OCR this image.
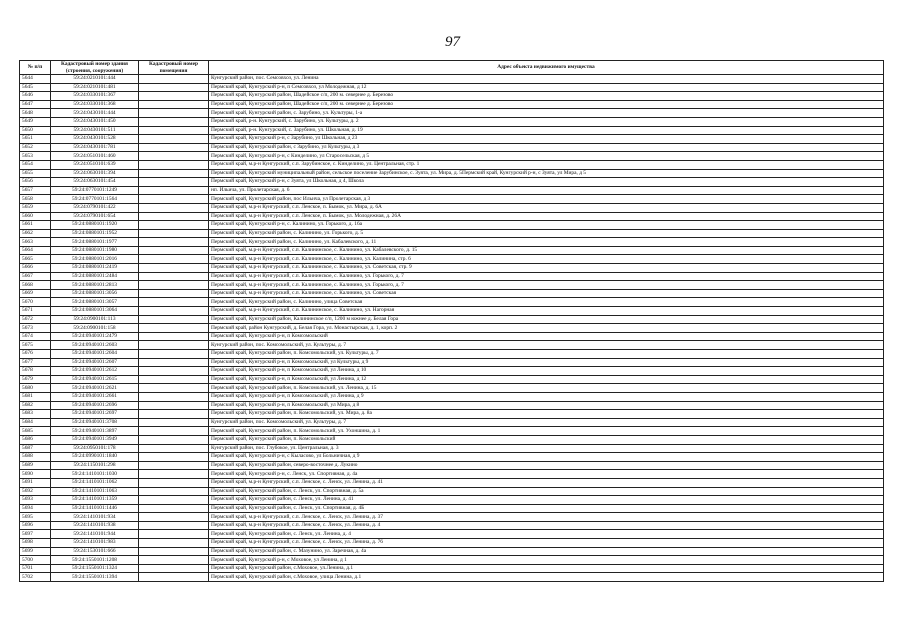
97
№ п/п	Кадастровый номер здания (строения, сооружения)	Кадастровый номер помещения	Адрес объекта недвижимого имущества
5644	59:24:0210101:444		Кунгурский район, пос. Семсовхоз, ул. Ленина
5645	59:24:0210101:481		Пермский край, Кунгурский р-н, п Семсовхоз, ул Молодежная, д 12
5646	59:24:0330101:367		Пермский край, Кунгурский район, Шадейское с/п, 200 м. севернее д. Березово
5647	59:24:0330101:368		Пермский край, Кунгурский район, Шадейское с/п, 200 м. севернее д. Березово
5648	59:24:0430101:444		Пермский край, Кунгурский район, с. Зарубино, ул. Культуры, 1-а
5649	59:24:0430101:450		Пермский край, р-н. Кунгурский, с. Зарубино, ул. Культуры, д. 2
5650	59:24:0430101:511		Пермский край, р-н. Кунгурский, с. Зарубино, ул. Школьная, д. 19
5651	59:24:0430101:528		Пермский край, Кунгурский р-н, с Зарубино, ул Школьная, д 23
5652	59:24:0430101:781		Пермский край, Кунгурский район, с Зарубино, ул Культуры, д 3
5653	59:24:0510101:460		Пермский край, Кунгурский р-н, с Кинделино, ул Старосельская, д 5
5654	59:24:0510101:639		Пермский край, м.р-н Кунгурский, с.п. Зарубинское, с. Кинделино, ул. Центральная, стр. 1
5655	59:24:0630101:394		Пермский край, Кунгурский муниципальный район, сельское поселение Зарубинское, с. Зуята, ул. Мира, д. 5Пермский край, Кунгурский р-н, с Зуята, ул Мира, д 5
5656	59:24:0630101:454		Пермский край, Кунгурский р-н, с Зуята, ул Школьная, д 4, Школа
5657	59:24:0770101:1249		нп. Ильича, ул. Пролетарская, д. 6
5658	59:24:0770101:1564		Пермский край, Кунгурский район, пос Ильича, ул Пролетарская, д 3
5659	59:24:0790101:422		Пермский край, м.р-н Кунгурский, с.п. Ленское, п. Бымок, ул. Мира, д. 6А
5660	59:24:0790101:654		Пермский край, м.р-н Кунгурский, с.п. Ленское, п. Бымок, ул. Молодежная, д. 26А
5661	59:24:0880101:1920		Пермский край, Кунгурский р-н, с. Калинино, ул. Горького, д. 16а
5662	59:24:0880101:1952		Пермский край, Кунгурский район, с. Калинино, ул. Горького, д. 5
5663	59:24:0880101:1977		Пермский край, Кунгурский район, с. Калинино, ул. Кабалевского, д. 11
5664	59:24:0880101:1980		Пермский край, м.р-н Кунгурский, с.п. Калининское, с. Калинино, ул. Кабалевского, д. 15
5665	59:24:0880101:2016		Пермский край, м.р-н Кунгурский, с.п. Калининское, с. Калинино, ул. Калинина, стр. 6
5666	59:24:0880101:2419		Пермский край, м.р-н Кунгурский, с.п. Калининское, с. Калинино, ул. Советская, стр. 9
5667	59:24:0880101:2484		Пермский край, м.р-н Кунгурский, с.п. Калининское, с. Калинино, ул. Горького, д. 7
5668	59:24:0880101:2813		Пермский край, м.р-н Кунгурский, с.п. Калининское, с. Калинино, ул. Горького, д. 7
5669	59:24:0880101:3056		Пермский край, м.р-н Кунгурский, с.п. Калининское, с. Калинино, ул. Советская
5670	59:24:0880101:3057		Пермский край, Кунгурский район, с. Калинино, улица Советская
5671	59:24:0880101:3064		Пермский край, м.р-н Кунгурский, с.п. Калининское, с. Калинино, ул. Нагорная
5672	59:24:0900101:113		Пермский край, Кунгурский район, Калининское с/п, 1200 м южнее д. Белая Гора
5673	59:24:0900101:158		Пермский край, район Кунгурский, д. Белая Гора, ул. Монастырская, д. 1, корп. 2
5674	59:24:0940101:2479		Пермский край, Кунгурский р-н, п Комсомольский
5675	59:24:0940101:2603		Кунгурский район, пос. Комсомольский, ул. Культуры, д. 7
5676	59:24:0940101:2604		Пермский край, Кунгурский район, п. Комсомольский, ул. Культуры, д. 7
5677	59:24:0940101:2607		Пермский край, Кунгурский р-н, п Комсомольский, ул Культуры, д 9
5678	59:24:0940101:2612		Пермский край, Кунгурский р-н, п Комсомольский, ул Ленина, д 10
5679	59:24:0940101:2615		Пермский край, Кунгурский р-н, п Комсомольский, ул Ленина, д 12
5680	59:24:0940101:2621		Пермский край, Кунгурский район, п. Комсомольский, ул. Ленина, д. 15
5681	59:24:0940101:2661		Пермский край, Кунгурский р-н, п Комсомольский, ул Ленина, д 9
5682	59:24:0940101:2696		Пермский край, Кунгурский р-н, п Комсомольский, ул Мира, д 8
5683	59:24:0940101:2697		Пермский край, Кунгурский район, п. Комсомольский, ул. Мира, д. 8а
5684	59:24:0940101:3708		Кунгурский район, пос. Комсомольский, ул. Культуры, д. 7
5685	59:24:0940101:3897		Пермский край, Кунгурский район, п. Комсомольский, ул. Ухоншина, д. 1
5686	59:24:0940101:3949		Пермский край, Кунгурский район, п. Комсомольский
5687	59:24:0950101:178		Кунгурский район, пос. Глубокое, ул. Центральная, д. 3
5688	59:24:0990101:1840		Пермский край, Кунгурский р-н, с Кыласово, ул Больничная, д 9
5689	59:24:1150101:298		Пермский край, Кунгурский район, северо-восточнее д. Лукино
5690	59:24:1410101:1030		Пермский край, Кунгурский р-н, с. Ленск, ул. Спортивная, д. 4а
5691	59:24:1410101:1062		Пермский край, м.р-н Кунгурский, с.п. Ленское, с. Ленск, ул. Ленина, д. 41
5692	59:24:1410101:1063		Пермский край, Кунгурский район, с. Ленск, ул. Спортивная, д. 5а
5693	59:24:1410101:1359		Пермский край, Кунгурский район, с. Ленск, ул. Ленина, д. 41
5694	59:24:1410101:1446		Пермский край, Кунгурский район, с. Ленск, ул. Спортивная, д. 4Б
5695	59:24:1410101:934		Пермский край, м.р-н Кунгурский, с.п. Ленское, с. Ленск, ул. Ленина, д. 37
5696	59:24:1410101:938		Пермский край, м.р-н Кунгурский, с.п. Ленское, с. Ленск, ул. Ленина, д. 4
5697	59:24:1410101:944		Пермский край, Кунгурский район, с. Ленск, ул. Ленина, д. 4
5698	59:24:1410101:983		Пермский край, м.р-н Кунгурский, с.п. Ленское, с. Ленск, ул. Ленина, д. 76
5699	59:24:1530101:666		Пермский край, Кунгурский район, с. Мазунино, ул. Заречная, д. 4а
5700	59:24:1550101:1208		Пермский край, Кунгурский р-н, с Моховое, ул Ленина, д 1
5701	59:24:1550101:1324		Пермский край, Кунгурский район, с.Моховое, ул.Ленина, д.1
5702	59:24:1550101:1394		Пермский край, Кунгурский район, с.Моховое, улица Ленина, д.1
